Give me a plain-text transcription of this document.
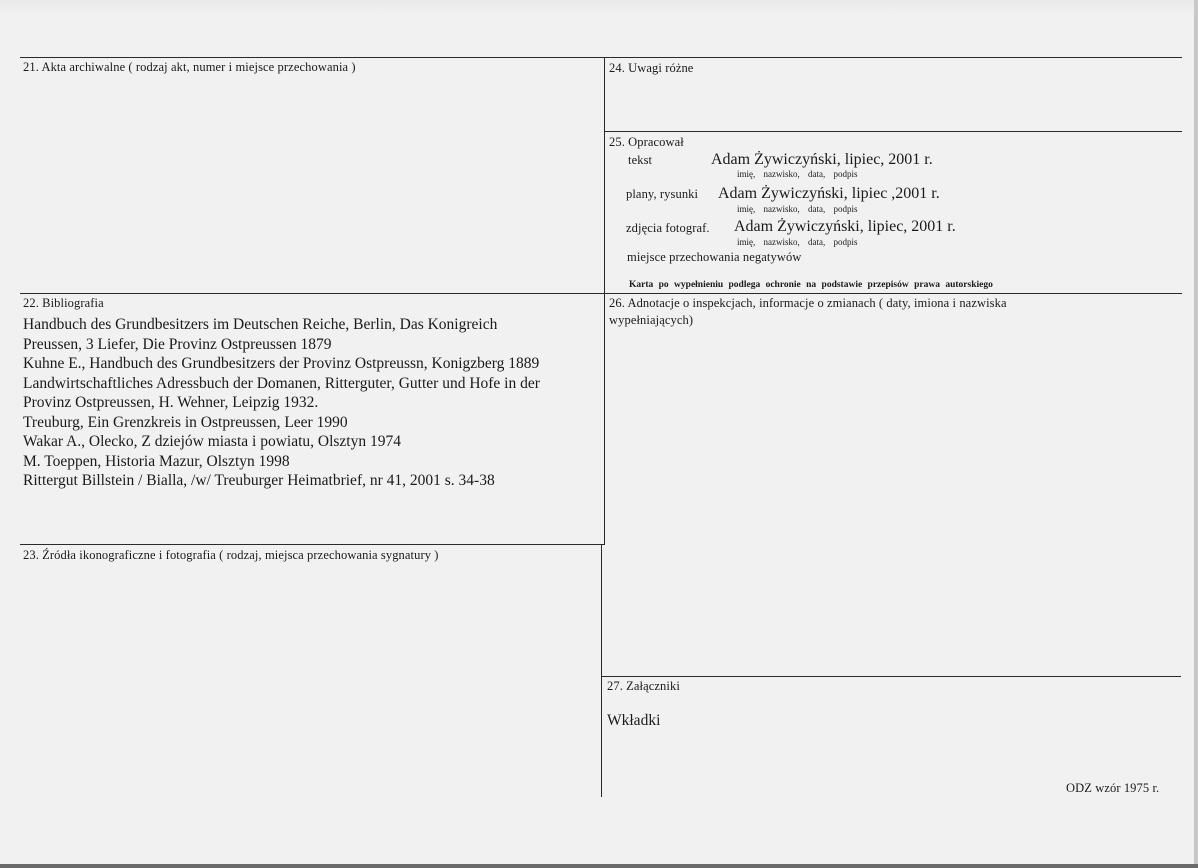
21. Akta archiwalne ( rodzaj akt, numer i miejsce przechowania )	24. Uwagi różne
25. Opracował
tekst	Adam Żywiczyński, lipiec, 2001 r.
imię, nazwisko, data, podpis
plany, rysunki Adam Żywiczyński, lipiec ,2001 r.
imię, nazwisko, data, podpis
zdjęcia fotograf. Adam Żywiczyński, lipiec, 2001 r.
imię, nazwisko, data, podpis
miejsce przechowania negatywów
Karta po wypełnieniu podlega ochronie na podstawie przepisów prawa autorskiego
22. Bibliografia
Handbuch des Grundbesitzers im Deutschen Reiche, Berlin, Das Konigreich
Preussen, 3 Liefer, Die Provinz Ostpreussen 1879
Kuhne E., Handbuch des Grundbesitzers der Provinz Ostpreussn, Konigzberg 1889
Landwirtschaftliches Adressbuch der Domanen, Ritterguter, Gutter und Hofe in der
Provinz Ostpreussen, H. Wehner, Leipzig 1932.
Treuburg, Ein Grenzkreis in Ostpreussen, Leer 1990
Wakar A., Olecko, Z dziejów miasta i powiatu, Olsztyn 1974
M. Toeppen, Historia Mazur, Olsztyn 1998
Rittergut Billstein / Bialla, /w/ Treuburger Heimatbrief, nr 41, 2001 s. 34-38
26. Adnotacje o inspekcjach, informacje o zmianach ( daty, imiona i nazwiska
wypełniających)
23. Źródła ikonograficzne i fotografia ( rodzaj, miejsca przechowania sygnatury )
27. Załączniki
Wkładki
ODZ wzór 1975 r.
